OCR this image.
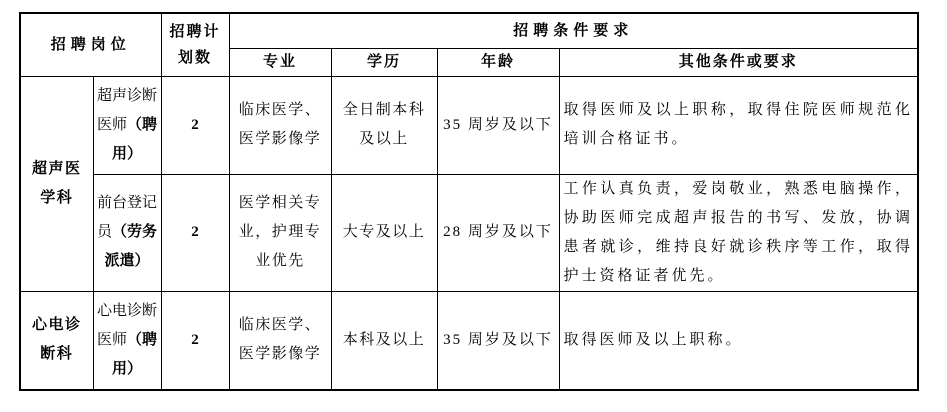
招聘岗位		招聘计划数	招聘条件要求			
			专业	学历	年龄	其他条件或要求
超声医学科	超声诊断医师（聘用）	2	临床医学、医学影像学	全日制本科及以上	35 周岁及以下	取得医师及以上职称，取得住院医师规范化培训合格证书。
	前台登记员（劳务派遣）	2	医学相关专业，护理专业优先	大专及以上	28 周岁及以下	工作认真负责，爱岗敬业，熟悉电脑操作，协助医师完成超声报告的书写、发放，协调患者就诊，维持良好就诊秩序等工作，取得护士资格证者优先。
心电诊断科	心电诊断医师（聘用）	2	临床医学、医学影像学	本科及以上	35 周岁及以下	取得医师及以上职称。
